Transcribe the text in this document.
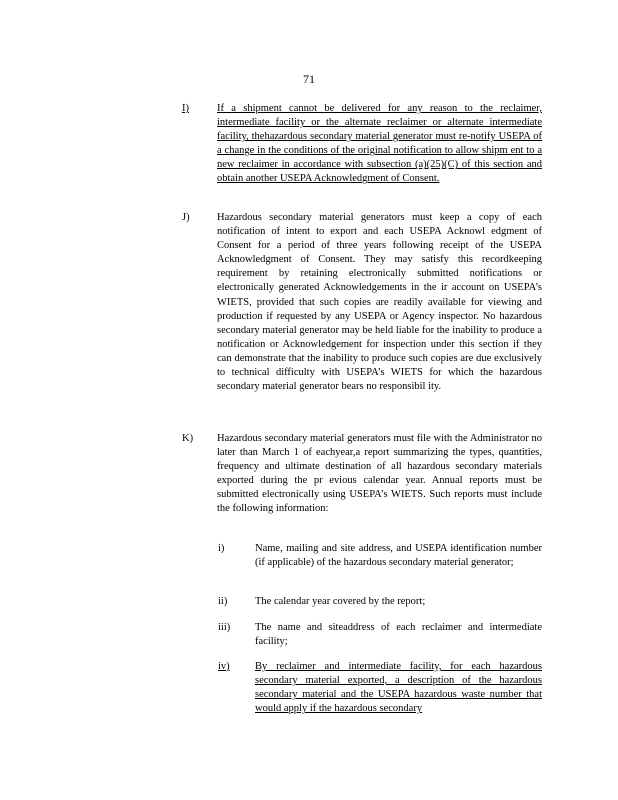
71
I)	If a shipment cannot be delivered for any reason to the reclaimer, intermediate facility or the alternate reclaimer or alternate intermediate facility, thehazardous secondary material generator must re-notify USEPA of a change in the conditions of the original notification to allow shipm ent to a new reclaimer in accordance with subsection (a)(25)(C) of this section and obtain another USEPA Acknowledgment of Consent.
J)	Hazardous secondary material generators must keep a copy of each notification of intent to export and each USEPA Acknowl edgment of Consent for a period of three years following receipt of the USEPA Acknowledgment of Consent. They may satisfy this recordkeeping requirement by retaining electronically submitted notifications or electronically generated Acknowledgements in the ir account on USEPA’s WIETS, provided that such copies are readily available for viewing and production if requested by any USEPA or Agency inspector. No hazardous secondary material generator may be held liable for the inability to produce a notification or Acknowledgement for inspection under this section if they can demonstrate that the inability to produce such copies are due exclusively to technical difficulty with USEPA’s WIETS for which the hazardous secondary material generator bears no responsibil ity.
K)	Hazardous secondary material generators must file with the Administrator no later than March 1 of eachyear,a report summarizing the types, quantities, frequency and ultimate destination of all hazardous secondary materials exported during the pr evious calendar year. Annual reports must be submitted electronically using USEPA’s WIETS. Such reports must include the following information:
i)	Name, mailing and site address, and USEPA identification number (if applicable) of the hazardous secondary material generator;
ii)	The calendar year covered by the report;
iii)	The name and siteaddress of each reclaimer and intermediate facility;
iv)	By reclaimer and intermediate facility, for each hazardous secondary material exported, a description of the hazardous secondary material and the USEPA hazardous waste number that would apply if the hazardous secondary
